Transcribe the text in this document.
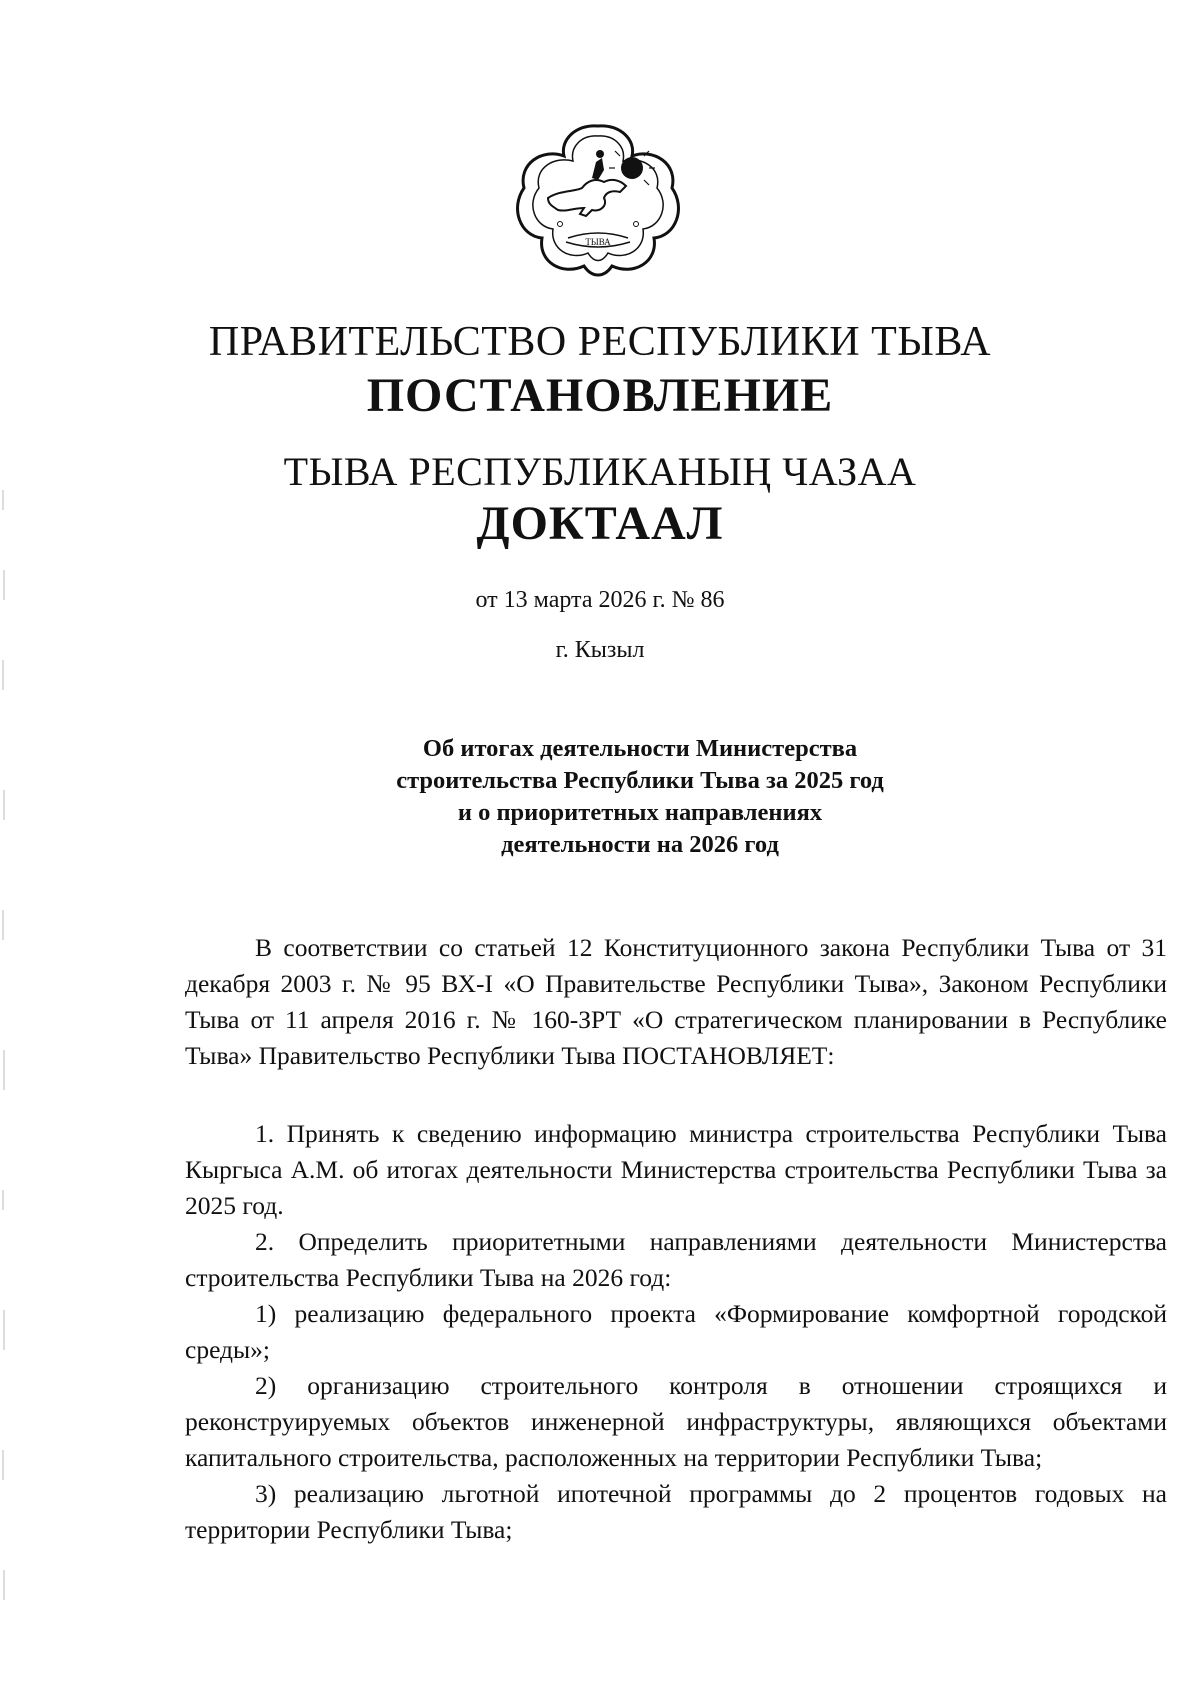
ТЫВА
ПРАВИТЕЛЬСТВО РЕСПУБЛИКИ ТЫВА
ПОСТАНОВЛЕНИЕ
ТЫВА РЕСПУБЛИКАНЫҢ ЧАЗАА
ДОКТААЛ
от 13 марта 2026 г. № 86
г. Кызыл
Об итогах деятельности Министерства
строительства Республики Тыва за 2025 год
и о приоритетных направлениях
деятельности на 2026 год

В соответствии со статьей 12 Конституционного закона Республики Тыва от 31 декабря 2003 г. № 95 ВХ-I «О Правительстве Республики Тыва», Законом Республики Тыва от 11 апреля 2016 г. № 160-ЗРТ «О стратегическом планировании в Республике Тыва» Правительство Республики Тыва ПОСТАНОВЛЯЕТ:

1. Принять к сведению информацию министра строительства Республики Тыва Кыргыса А.М. об итогах деятельности Министерства строительства Республики Тыва за 2025 год.

2. Определить приоритетными направлениями деятельности Министерства строительства Республики Тыва на 2026 год:

1) реализацию федерального проекта «Формирование комфортной городской среды»;

2) организацию строительного контроля в отношении строящихся и реконструируемых объектов инженерной инфраструктуры, являющихся объектами капитального строительства, расположенных на территории Республики Тыва;

3) реализацию льготной ипотечной программы до 2 процентов годовых на территории Республики Тыва;
